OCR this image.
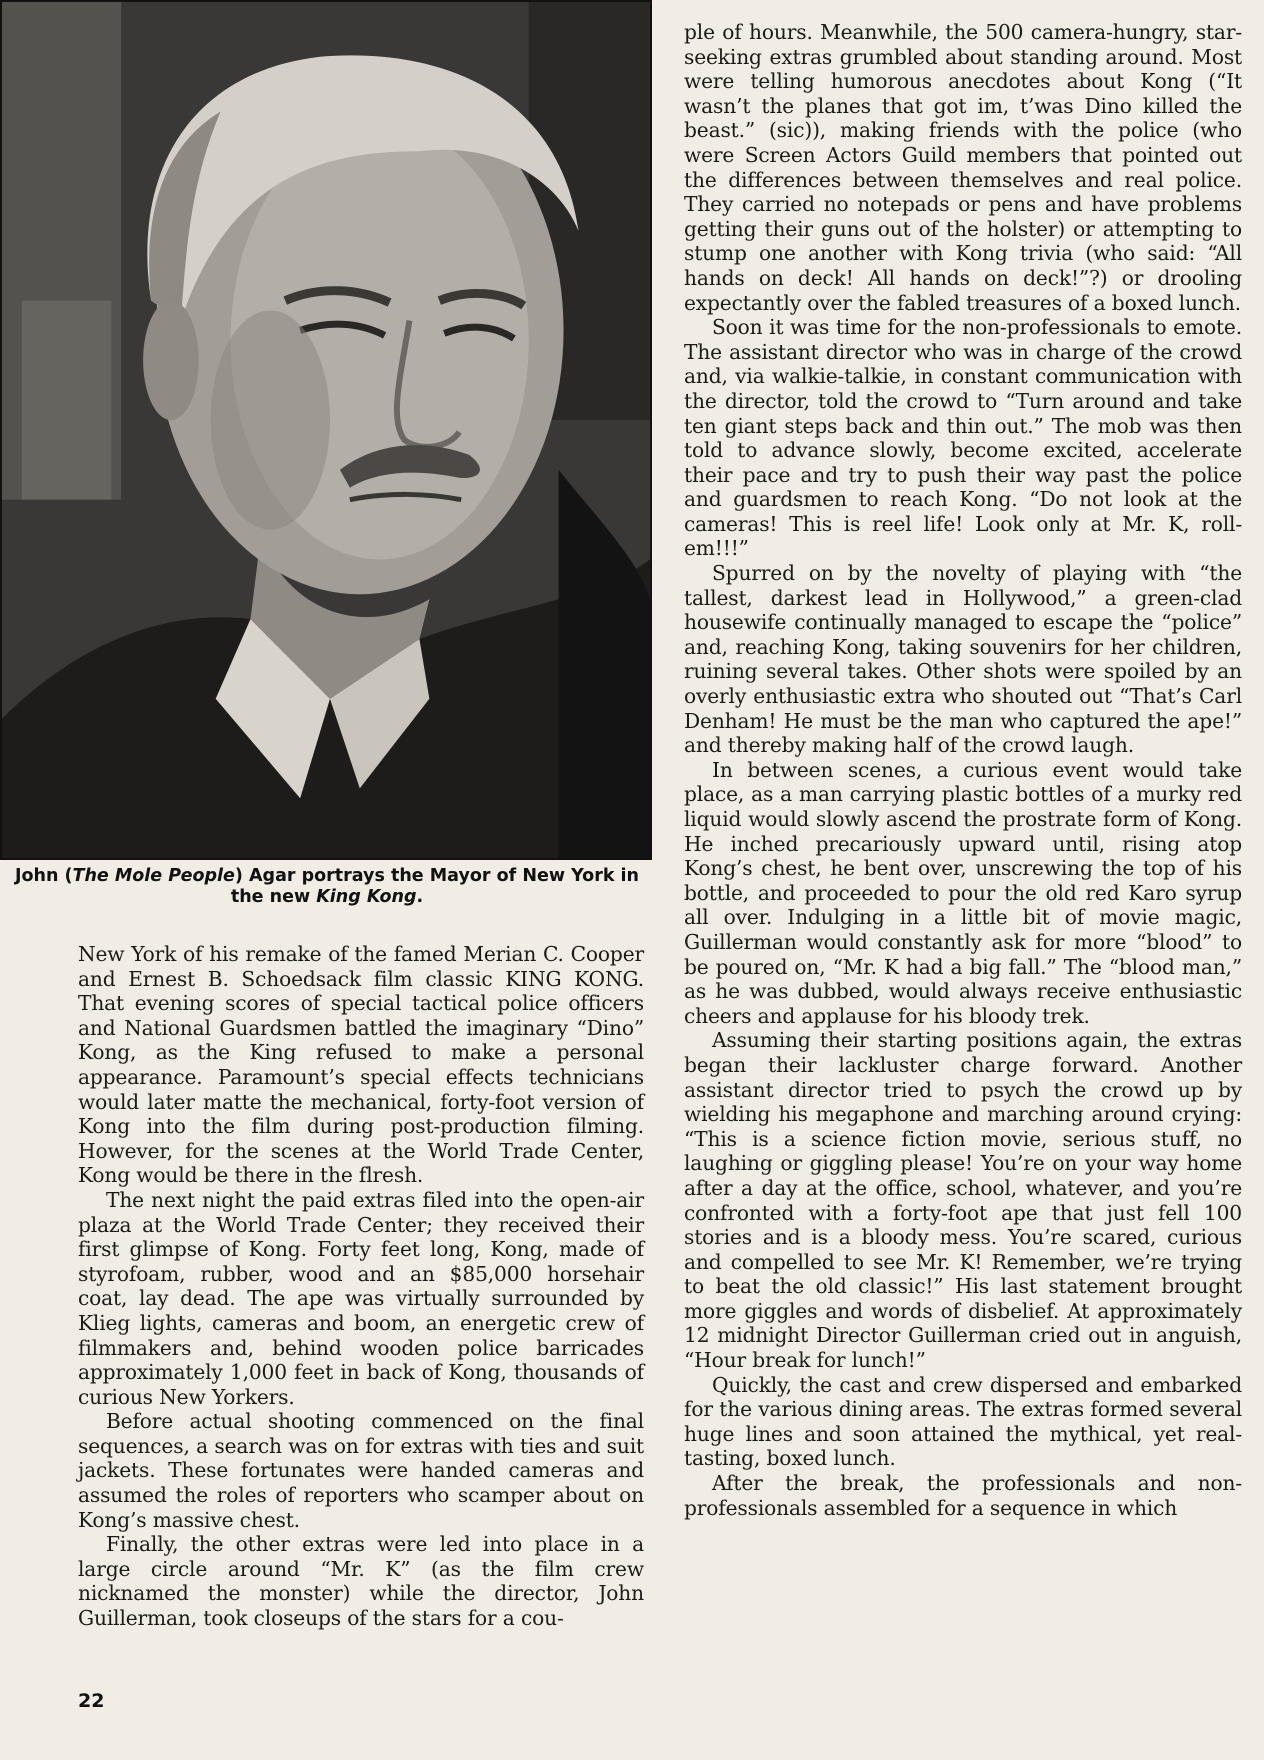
John (The Mole People) Agar portrays the Mayor of New York in the new King Kong.

New York of his remake of the famed Merian C. Cooper and Ernest B. Schoedsack film classic KING KONG. That evening scores of special tactical police officers and National Guardsmen battled the imaginary “Dino” Kong, as the King refused to make a personal appearance. Paramount’s special effects technicians would later matte the mechanical, forty-foot version of Kong into the film during post-production filming. However, for the scenes at the World Trade Center, Kong would be there in the flresh.

The next night the paid extras filed into the open-air plaza at the World Trade Center; they received their first glimpse of Kong. Forty feet long, Kong, made of styrofoam, rubber, wood and an $85,000 horsehair coat, lay dead. The ape was virtually surrounded by Klieg lights, cameras and boom, an energetic crew of filmmakers and, behind wooden police barricades approximately 1,000 feet in back of Kong, thousands of curious New Yorkers.

Before actual shooting commenced on the final sequences, a search was on for extras with ties and suit jackets. These fortunates were handed cameras and assumed the roles of reporters who scamper about on Kong’s massive chest.

Finally, the other extras were led into place in a large circle around “Mr. K” (as the film crew nicknamed the monster) while the director, John Guillerman, took closeups of the stars for a cou-

ple of hours. Meanwhile, the 500 camera-hungry, star-seeking extras grumbled about standing around. Most were telling humorous anecdotes about Kong (“It wasn’t the planes that got im, t’was Dino killed the beast.” (sic)), making friends with the police (who were Screen Actors Guild members that pointed out the differences between themselves and real police. They carried no notepads or pens and have problems getting their guns out of the holster) or attempting to stump one another with Kong trivia (who said: “All hands on deck! All hands on deck!”?) or drooling expectantly over the fabled treasures of a boxed lunch.

Soon it was time for the non-professionals to emote. The assistant director who was in charge of the crowd and, via walkie-talkie, in constant communication with the director, told the crowd to “Turn around and take ten giant steps back and thin out.” The mob was then told to advance slowly, become excited, accelerate their pace and try to push their way past the police and guardsmen to reach Kong. “Do not look at the cameras! This is reel life! Look only at Mr. K, roll-em!!!”

Spurred on by the novelty of playing with “the tallest, darkest lead in Hollywood,” a green-clad housewife continually managed to escape the “police” and, reaching Kong, taking souvenirs for her children, ruining several takes. Other shots were spoiled by an overly enthusiastic extra who shouted out “That’s Carl Denham! He must be the man who captured the ape!” and thereby making half of the crowd laugh.

In between scenes, a curious event would take place, as a man carrying plastic bottles of a murky red liquid would slowly ascend the prostrate form of Kong. He inched precariously upward until, rising atop Kong’s chest, he bent over, unscrewing the top of his bottle, and proceeded to pour the old red Karo syrup all over. Indulging in a little bit of movie magic, Guillerman would constantly ask for more “blood” to be poured on, “Mr. K had a big fall.” The “blood man,” as he was dubbed, would always receive enthusiastic cheers and applause for his bloody trek.

Assuming their starting positions again, the extras began their lackluster charge forward. Another assistant director tried to psych the crowd up by wielding his megaphone and marching around crying: “This is a science fiction movie, serious stuff, no laughing or giggling please! You’re on your way home after a day at the office, school, whatever, and you’re confronted with a forty-foot ape that just fell 100 stories and is a bloody mess. You’re scared, curious and compelled to see Mr. K! Remember, we’re trying to beat the old classic!” His last statement brought more giggles and words of disbelief. At approximately 12 midnight Director Guillerman cried out in anguish, “Hour break for lunch!”

Quickly, the cast and crew dispersed and embarked for the various dining areas. The extras formed several huge lines and soon attained the mythical, yet real-tasting, boxed lunch.

After the break, the professionals and non-professionals assembled for a sequence in which

22
